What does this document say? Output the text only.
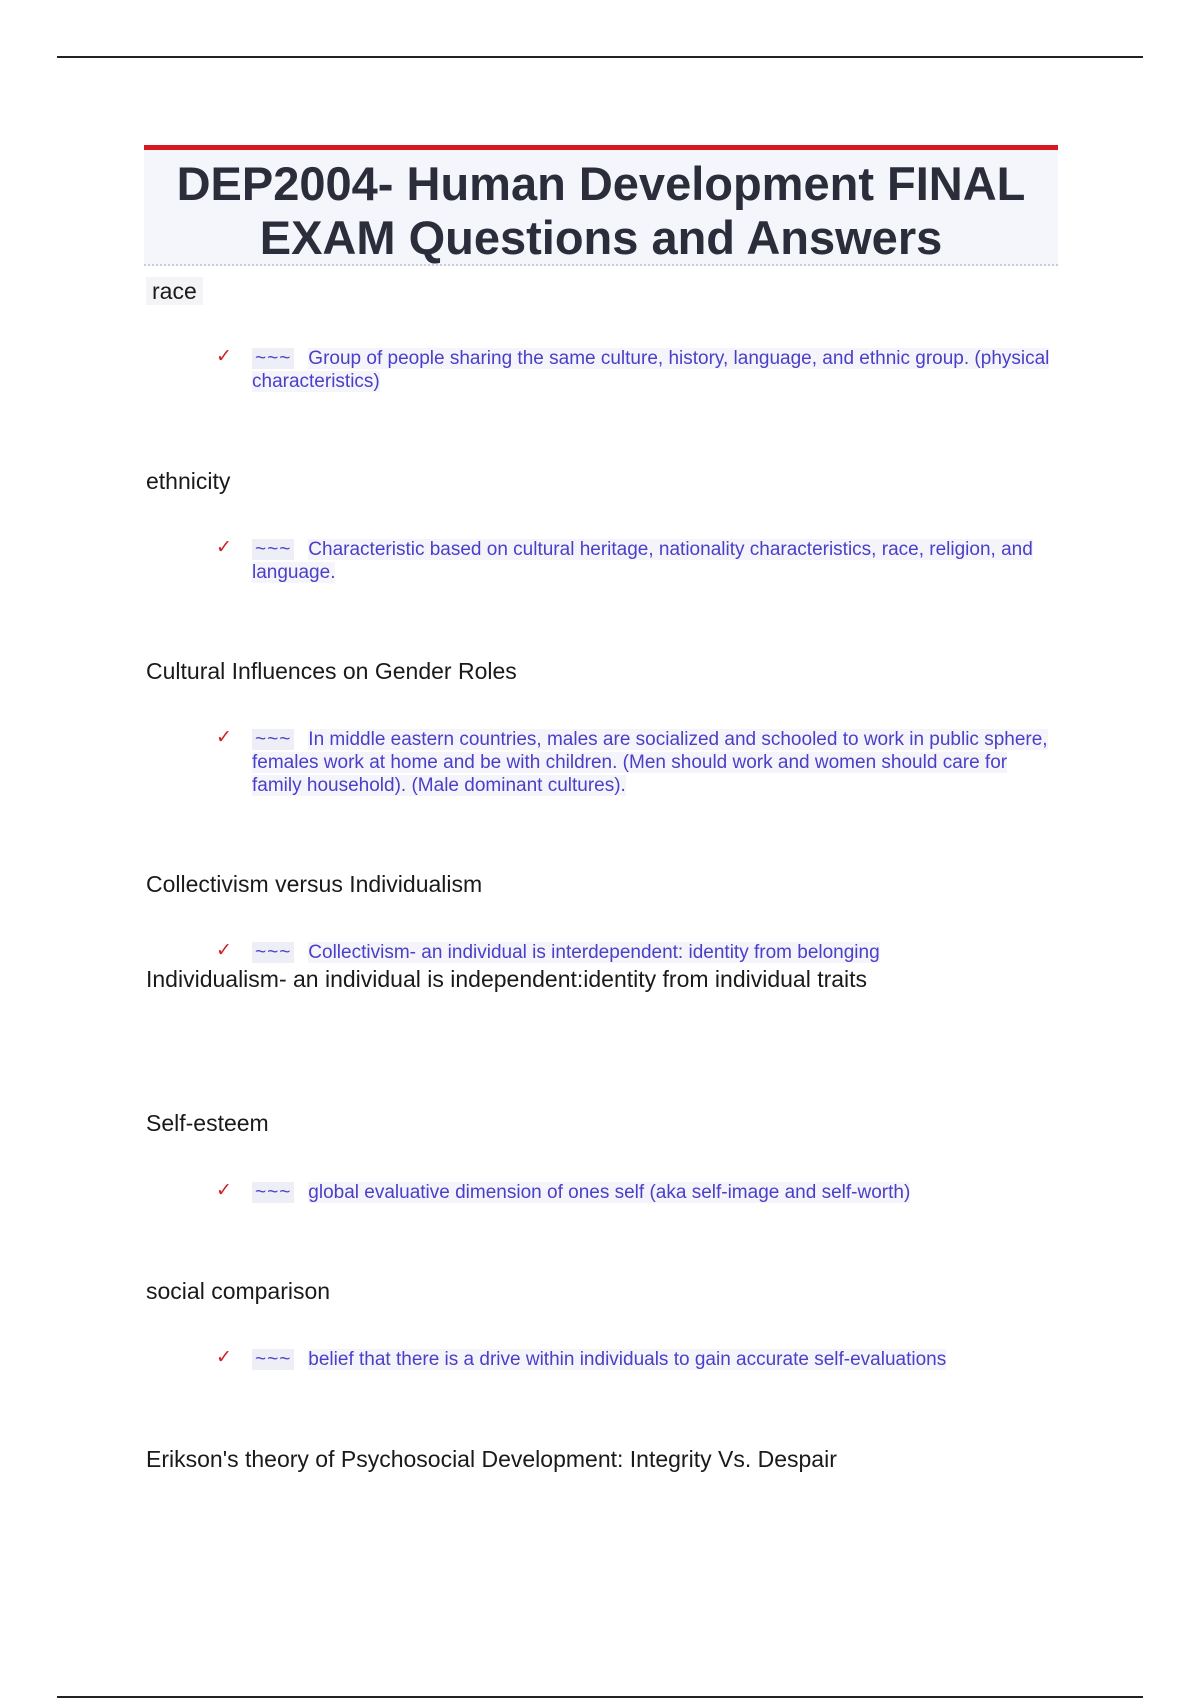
DEP2004- Human Development FINAL
EXAM Questions and Answers
race
✓ ~~~ Group of people sharing the same culture, history, language, and ethnic group. (physical characteristics)
ethnicity
✓ ~~~ Characteristic based on cultural heritage, nationality characteristics, race, religion, and language.
Cultural Influences on Gender Roles
✓ ~~~ In middle eastern countries, males are socialized and schooled to work in public sphere, females work at home and be with children. (Men should work and women should care for family household). (Male dominant cultures).
Collectivism versus Individualism
✓ ~~~ Collectivism- an individual is interdependent: identity from belonging
Individualism- an individual is independent:identity from individual traits
Self-esteem
✓ ~~~ global evaluative dimension of ones self (aka self-image and self-worth)
social comparison
✓ ~~~ belief that there is a drive within individuals to gain accurate self-evaluations
Erikson's theory of Psychosocial Development: Integrity Vs. Despair
